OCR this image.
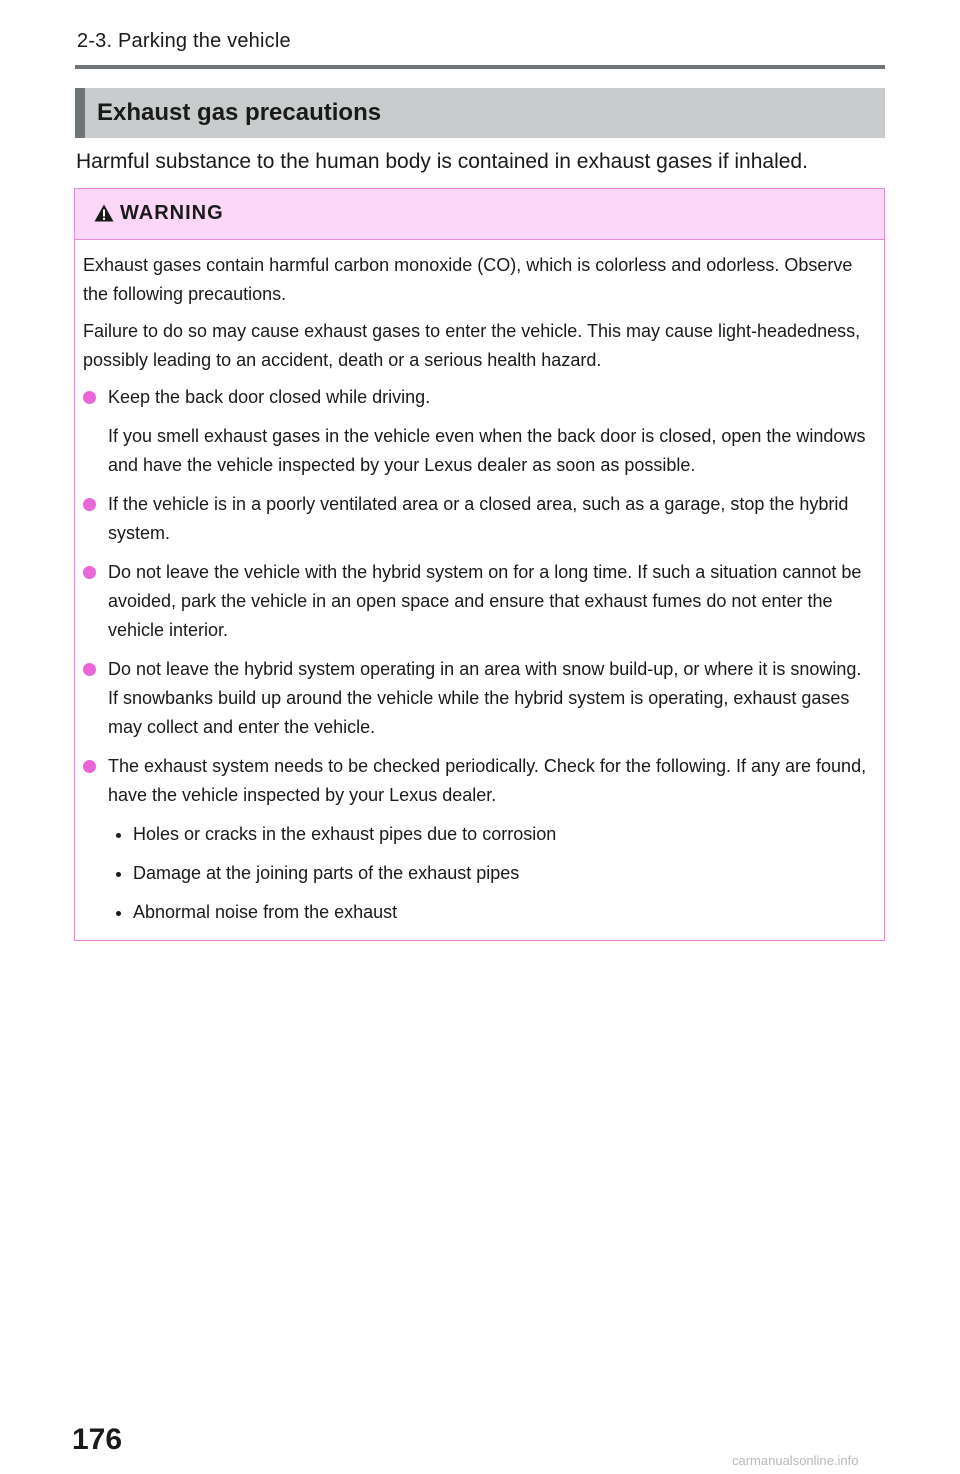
2-3. Parking the vehicle
Exhaust gas precautions
Harmful substance to the human body is contained in exhaust gases if inhaled.
WARNING

Exhaust gases contain harmful carbon monoxide (CO), which is colorless and odorless. Observe the following precautions.

Failure to do so may cause exhaust gases to enter the vehicle. This may cause light-headedness, possibly leading to an accident, death or a serious health hazard.

Keep the back door closed while driving.
If you smell exhaust gases in the vehicle even when the back door is closed, open the windows and have the vehicle inspected by your Lexus dealer as soon as possible.
If the vehicle is in a poorly ventilated area or a closed area, such as a garage, stop the hybrid system.
Do not leave the vehicle with the hybrid system on for a long time. If such a situation cannot be avoided, park the vehicle in an open space and ensure that exhaust fumes do not enter the vehicle interior.
Do not leave the hybrid system operating in an area with snow build-up, or where it is snowing. If snowbanks build up around the vehicle while the hybrid system is operating, exhaust gases may collect and enter the vehicle.
The exhaust system needs to be checked periodically. Check for the following. If any are found, have the vehicle inspected by your Lexus dealer.
Holes or cracks in the exhaust pipes due to corrosion
Damage at the joining parts of the exhaust pipes
Abnormal noise from the exhaust
176
carmanualsonline.info
